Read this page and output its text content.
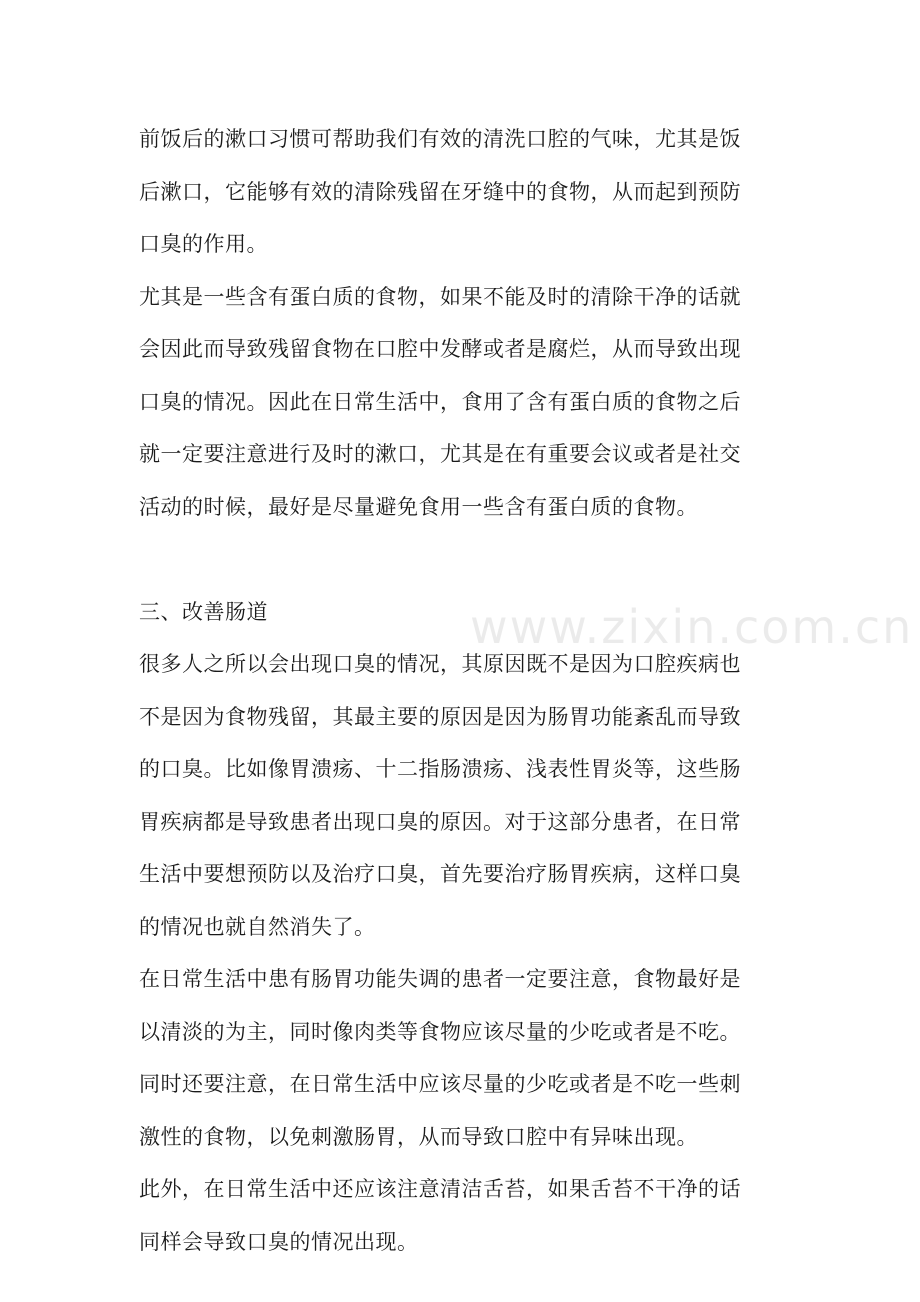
www.zixin.com.cn
前饭后的漱口习惯可帮助我们有效的清洗口腔的气味，尤其是饭
后漱口，它能够有效的清除残留在牙缝中的食物，从而起到预防
口臭的作用。
尤其是一些含有蛋白质的食物，如果不能及时的清除干净的话就
会因此而导致残留食物在口腔中发酵或者是腐烂，从而导致出现
口臭的情况。因此在日常生活中，食用了含有蛋白质的食物之后
就一定要注意进行及时的漱口，尤其是在有重要会议或者是社交
活动的时候，最好是尽量避免食用一些含有蛋白质的食物。
三、改善肠道
很多人之所以会出现口臭的情况，其原因既不是因为口腔疾病也
不是因为食物残留，其最主要的原因是因为肠胃功能紊乱而导致
的口臭。比如像胃溃疡、十二指肠溃疡、浅表性胃炎等，这些肠
胃疾病都是导致患者出现口臭的原因。对于这部分患者，在日常
生活中要想预防以及治疗口臭，首先要治疗肠胃疾病，这样口臭
的情况也就自然消失了。
在日常生活中患有肠胃功能失调的患者一定要注意，食物最好是
以清淡的为主，同时像肉类等食物应该尽量的少吃或者是不吃。
同时还要注意，在日常生活中应该尽量的少吃或者是不吃一些刺
激性的食物，以免刺激肠胃，从而导致口腔中有异味出现。
此外，在日常生活中还应该注意清洁舌苔，如果舌苔不干净的话
同样会导致口臭的情况出现。
